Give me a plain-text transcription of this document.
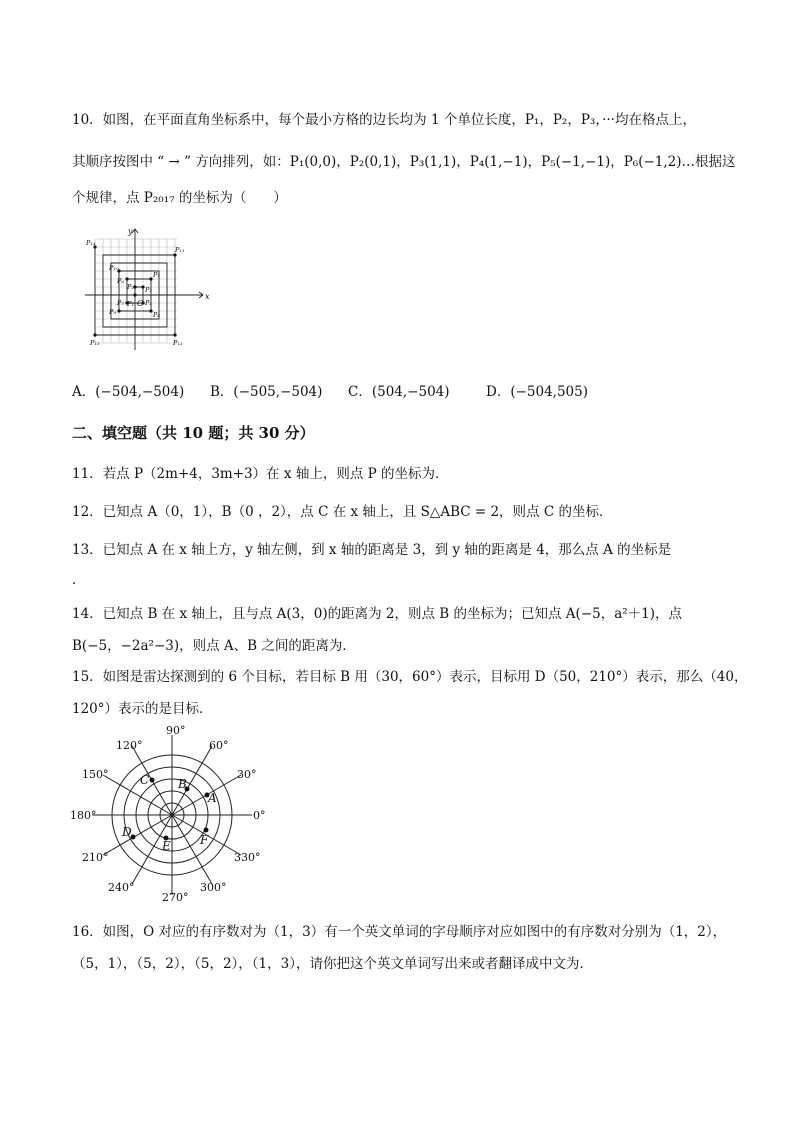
10．如图，在平面直角坐标系中，每个最小方格的边长均为 1 个单位长度，P₁，P₂，P₃，···均在格点上，
其顺序按图中 “ → ” 方向排列，如：P₁(0,0)，P₂(0,1)，P₃(1,1)，P₄(1,−1)，P₅(−1,−1)，P₆(−1,2)…根据这
个规律，点 P₂₀₁₇ 的坐标为（　　）
x
y
O
P₁
P₂ P₃
P₄
P₅
P₆
P₇
P₈
P₉
P₁₀
P₁₁
P₁₂
P₁₃
P₁₄
A．(−504,−504) B．(−505,−504) C．(504,−504)	D．(−504,505)
二、填空题（共 10 题；共 30 分）
11．若点 P（2m+4，3m+3）在 x 轴上，则点 P 的坐标为．
12．已知点 A（0，1），B（0 ，2），点 C 在 x 轴上，且 S△ABC = 2，则点 C 的坐标．
13．已知点 A 在 x 轴上方，y 轴左侧，到 x 轴的距离是 3，到 y 轴的距离是 4，那么点 A 的坐标是
．
14．已知点 B 在 x 轴上，且与点 A(3，0)的距离为 2，则点 B 的坐标为；已知点 A(−5，a²＋1)，点
B(−5，−2a²−3)，则点 A、B 之间的距离为．
15．如图是雷达探测到的 6 个目标，若目标 B 用（30，60°）表示，目标用 D（50，210°）表示，那么（40，
120°）表示的是目标．
90°
60°
30°
0°
330°
300°
270°
240°
210°
180°
150°
120°
A
B
C
D
E F
16．如图，O 对应的有序数对为（1，3）有一个英文单词的字母顺序对应如图中的有序数对分别为（1，2），
（5，1），（5，2），（5，2），（1，3），请你把这个英文单词写出来或者翻译成中文为．
